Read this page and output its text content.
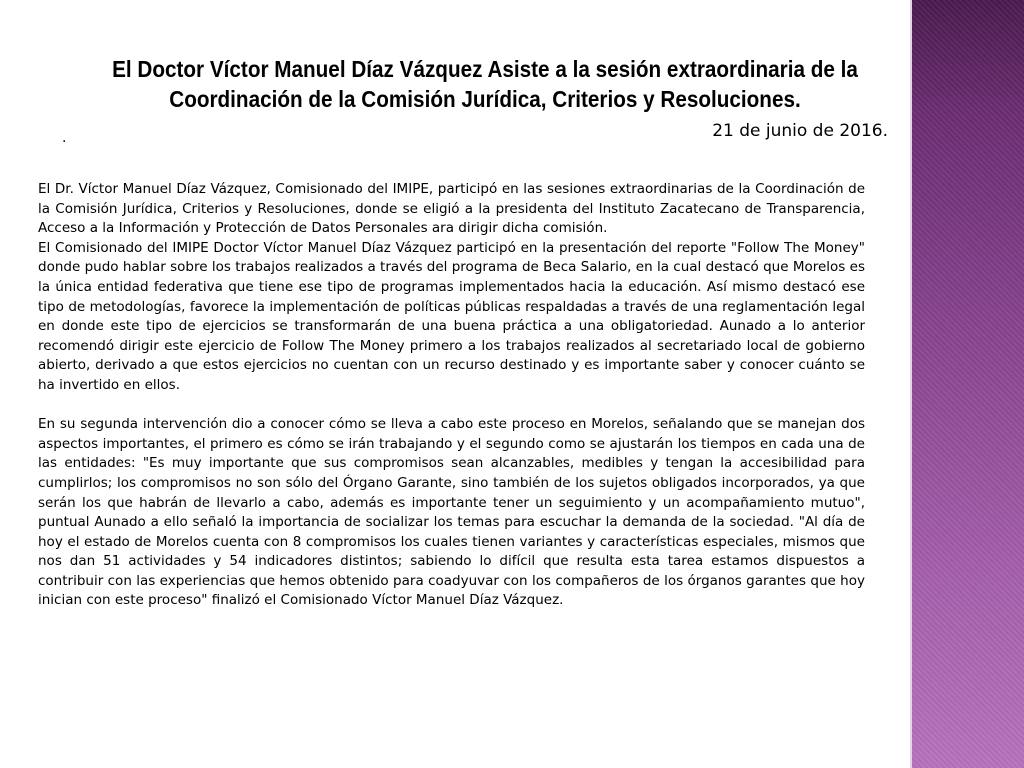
El Doctor Víctor Manuel Díaz Vázquez Asiste a la sesión extraordinaria de la Coordinación de la Comisión Jurídica, Criterios y Resoluciones.
.	21 de junio de 2016.

El Dr. Víctor Manuel Díaz Vázquez, Comisionado del IMIPE, participó en las sesiones extraordinarias de la Coordinación de la Comisión Jurídica, Criterios y Resoluciones, donde se eligió a la presidenta del Instituto Zacatecano de Transparencia, Acceso a la Información y Protección de Datos Personales ara dirigir dicha comisión.

El Comisionado del IMIPE Doctor Víctor Manuel Díaz Vázquez participó en la presentación del reporte "Follow The Money" donde pudo hablar sobre los trabajos realizados a través del programa de Beca Salario, en la cual destacó que Morelos es la única entidad federativa que tiene ese tipo de programas implementados hacia la educación. Así mismo destacó ese tipo de metodologías, favorece la implementación de políticas públicas respaldadas a través de una reglamentación legal en donde este tipo de ejercicios se transformarán de una buena práctica a una obligatoriedad. Aunado a lo anterior recomendó dirigir este ejercicio de Follow The Money primero a los trabajos realizados al secretariado local de gobierno abierto, derivado a que estos ejercicios no cuentan con un recurso destinado y es importante saber y conocer cuánto se ha invertido en ellos.

En su segunda intervención dio a conocer cómo se lleva a cabo este proceso en Morelos, señalando que se manejan dos aspectos importantes, el primero es cómo se irán trabajando y el segundo como se ajustarán los tiempos en cada una de las entidades: "Es muy importante que sus compromisos sean alcanzables, medibles y tengan la accesibilidad para cumplirlos; los compromisos no son sólo del Órgano Garante, sino también de los sujetos obligados incorporados, ya que serán los que habrán de llevarlo a cabo, además es importante tener un seguimiento y un acompañamiento mutuo", puntual Aunado a ello señaló la importancia de socializar los temas para escuchar la demanda de la sociedad. "Al día de hoy el estado de Morelos cuenta con 8 compromisos los cuales tienen variantes y características especiales, mismos que nos dan 51 actividades y 54 indicadores distintos; sabiendo lo difícil que resulta esta tarea estamos dispuestos a contribuir con las experiencias que hemos obtenido para coadyuvar con los compañeros de los órganos garantes que hoy inician con este proceso" finalizó el Comisionado Víctor Manuel Díaz Vázquez.
